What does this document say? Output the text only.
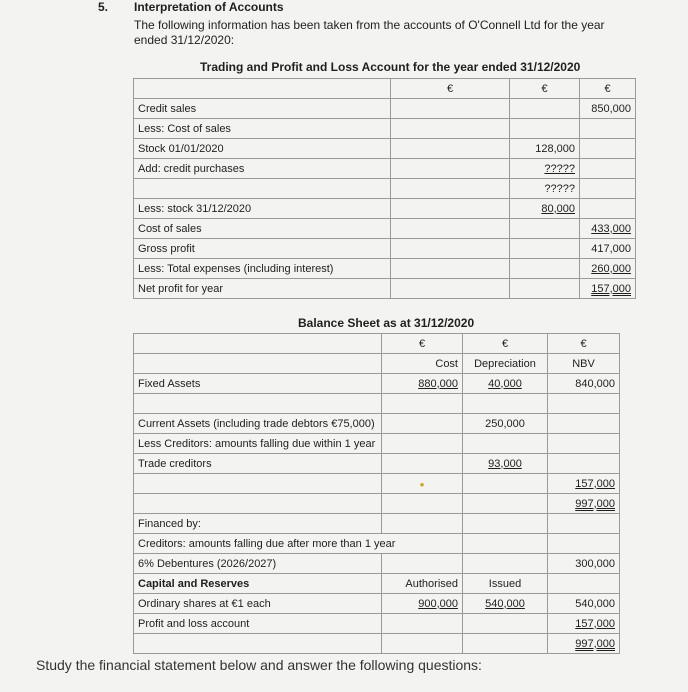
5. Interpretation of Accounts
The following information has been taken from the accounts of O'Connell Ltd for the year
ended 31/12/2020:
Trading and Profit and Loss Account for the year ended 31/12/2020
	€	€	€
Credit sales			850,000
Less: Cost of sales			
Stock 01/01/2020		128,000	
Add: credit purchases		?????	
		?????	
Less: stock 31/12/2020		80,000	
Cost of sales			433,000
Gross profit			417,000
Less: Total expenses (including interest)			260,000
Net profit for year			157,000
Balance Sheet as at 31/12/2020
	€	€	€
	Cost	Depreciation	NBV
Fixed Assets	880,000	40,000	840,000

Current Assets (including trade debtors €75,000)		250,000	
Less Creditors: amounts falling due within 1 year			
Trade creditors		93,000	
	●		157,000
			997,000
Financed by:			
Creditors: amounts falling due after more than 1 year			
6% Debentures (2026/2027)			300,000
Capital and Reserves	Authorised	Issued	
Ordinary shares at €1 each	900,000	540,000	540,000
Profit and loss account			157,000
			997,000
Study the financial statement below and answer the following questions:
